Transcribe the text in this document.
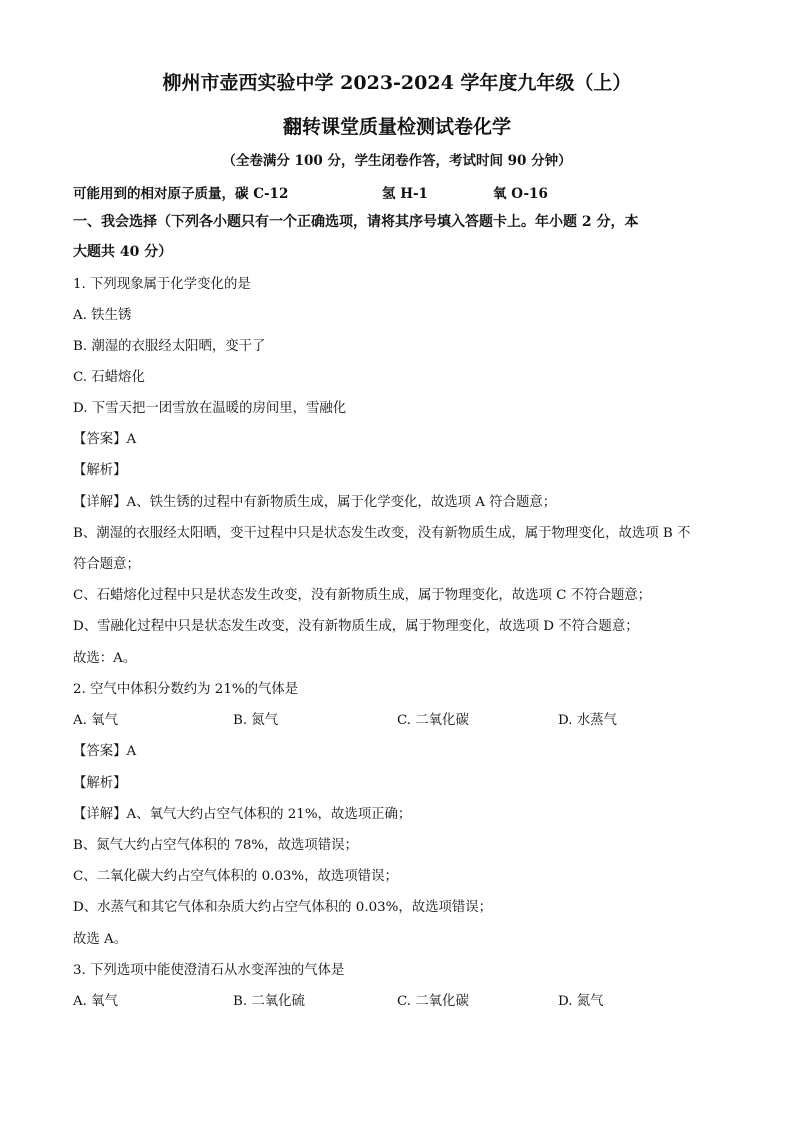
柳州市壶西实验中学 2023-2024 学年度九年级（上）
翻转课堂质量检测试卷化学
（全卷满分 100 分，学生闭卷作答，考试时间 90 分钟）
可能用到的相对原子质量，碳 C-12	氢 H-1	氧 O-16
一、我会选择（下列各小题只有一个正确选项，请将其序号填入答题卡上。年小题 2 分，本
大题共 40 分）
1. 下列现象属于化学变化的是
A. 铁生锈
B. 潮湿的衣服经太阳晒，变干了
C. 石蜡熔化
D. 下雪天把一团雪放在温暖的房间里，雪融化
【答案】A
【解析】
【详解】A、铁生锈的过程中有新物质生成，属于化学变化，故选项 A 符合题意；
B、潮湿的衣服经太阳晒，变干过程中只是状态发生改变，没有新物质生成，属于物理变化，故选项 B 不
符合题意；
C、石蜡熔化过程中只是状态发生改变，没有新物质生成，属于物理变化，故选项 C 不符合题意；
D、雪融化过程中只是状态发生改变，没有新物质生成，属于物理变化，故选项 D 不符合题意；
故选：A。
2. 空气中体积分数约为 21%的气体是
A. 氧气	B. 氮气	C. 二氧化碳	D. 水蒸气
【答案】A
【解析】
【详解】A、氧气大约占空气体积的 21%，故选项正确；
B、氮气大约占空气体积的 78%，故选项错误；
C、二氧化碳大约占空气体积的 0.03%，故选项错误；
D、水蒸气和其它气体和杂质大约占空气体积的 0.03%，故选项错误；
故选 A。
3. 下列选项中能使澄清石从水变浑浊的气体是
A. 氧气	B. 二氧化硫	C. 二氧化碳	D. 氮气
